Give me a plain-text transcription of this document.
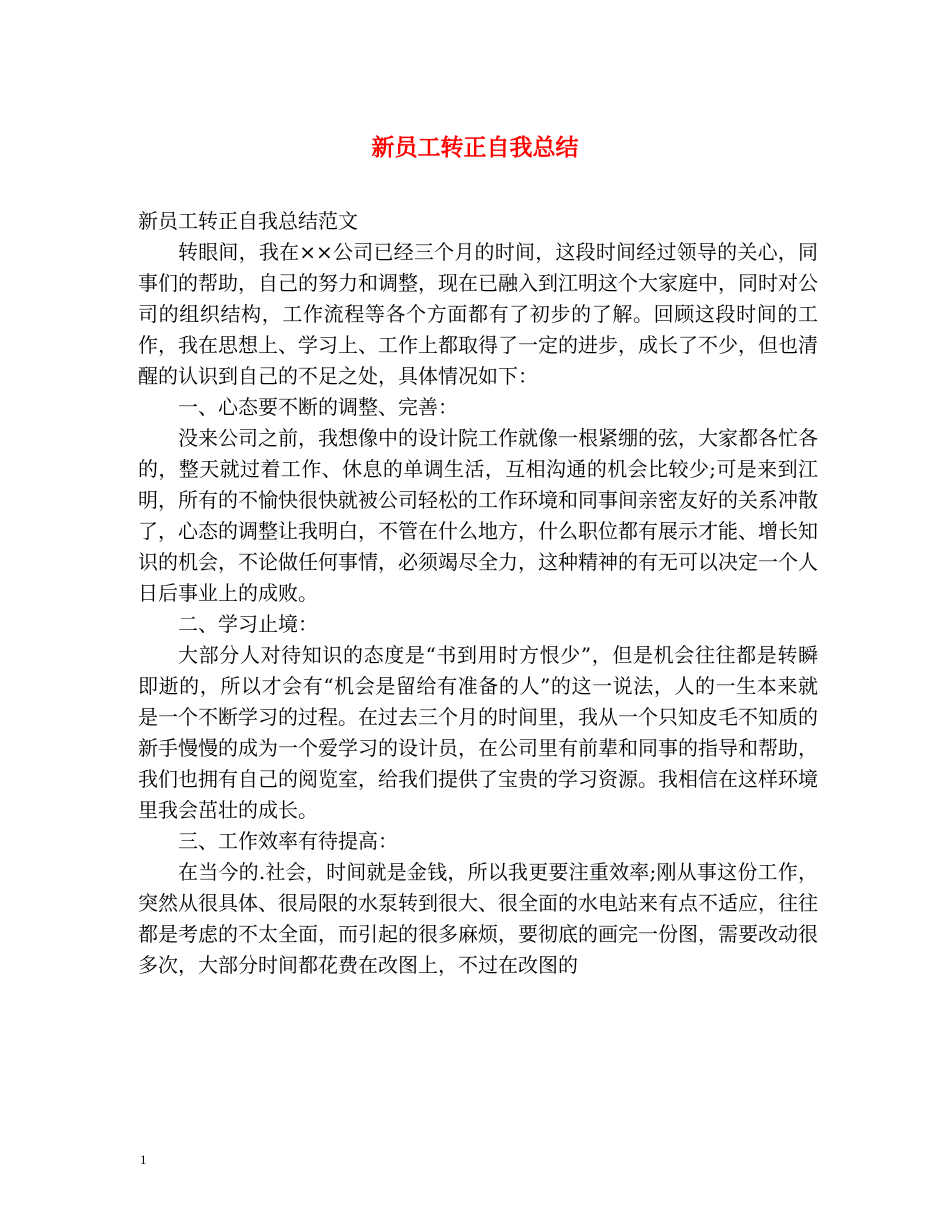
新员工转正自我总结

新员工转正自我总结范文

转眼间，我在××公司已经三个月的时间，这段时间经过领导的关心，同事们的帮助，自己的努力和调整，现在已融入到江明这个大家庭中，同时对公司的组织结构，工作流程等各个方面都有了初步的了解。回顾这段时间的工作，我在思想上、学习上、工作上都取得了一定的进步，成长了不少，但也清醒的认识到自己的不足之处，具体情况如下：

一、心态要不断的调整、完善：

没来公司之前，我想像中的设计院工作就像一根紧绷的弦，大家都各忙各的，整天就过着工作、休息的单调生活，互相沟通的机会比较少;可是来到江明，所有的不愉快很快就被公司轻松的工作环境和同事间亲密友好的关系冲散了，心态的调整让我明白，不管在什么地方，什么职位都有展示才能、增长知识的机会，不论做任何事情，必须竭尽全力，这种精神的有无可以决定一个人日后事业上的成败。

二、学习止境：

大部分人对待知识的态度是“书到用时方恨少”，但是机会往往都是转瞬即逝的，所以才会有“机会是留给有准备的人”的这一说法，人的一生本来就是一个不断学习的过程。在过去三个月的时间里，我从一个只知皮毛不知质的新手慢慢的成为一个爱学习的设计员，在公司里有前辈和同事的指导和帮助，我们也拥有自己的阅览室，给我们提供了宝贵的学习资源。我相信在这样环境里我会茁壮的成长。

三、工作效率有待提高：

在当今的.社会，时间就是金钱，所以我更要注重效率;刚从事这份工作，突然从很具体、很局限的水泵转到很大、很全面的水电站来有点不适应，往往都是考虑的不太全面，而引起的很多麻烦，要彻底的画完一份图，需要改动很多次，大部分时间都花费在改图上，不过在改图的

1
